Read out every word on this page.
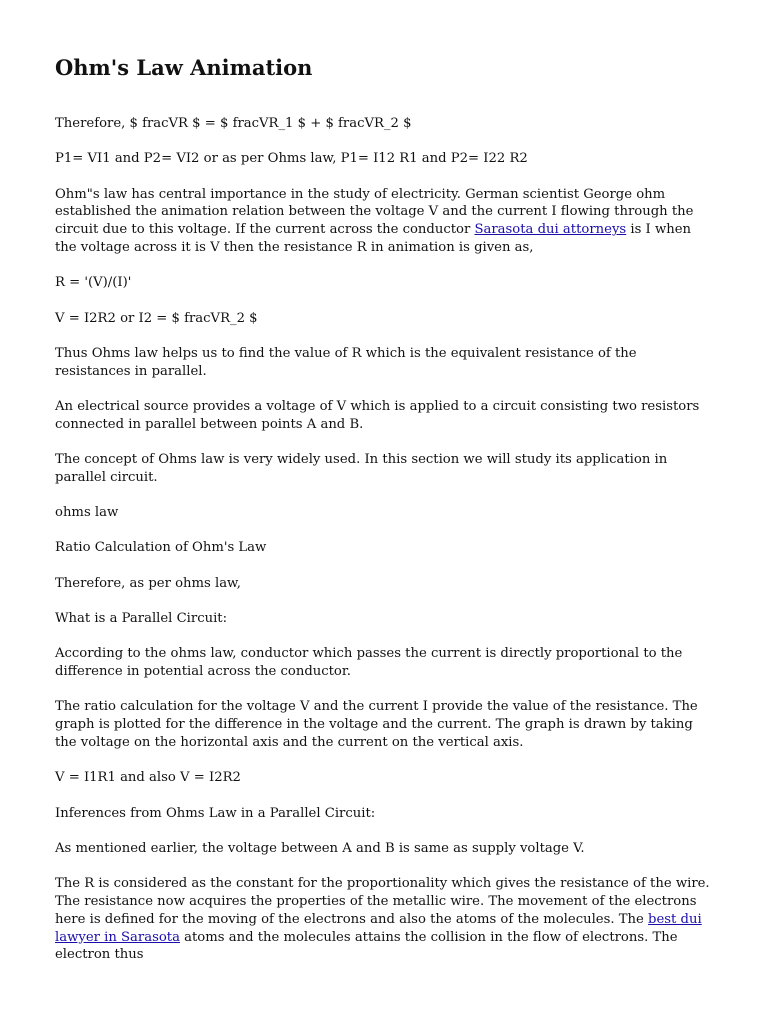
Ohm's Law Animation

Therefore, $ fracVR $ = $ fracVR_1 $ + $ fracVR_2 $

P1= VI1 and P2= VI2 or as per Ohms law, P1= I12 R1 and P2= I22 R2

Ohm"s law has central importance in the study of electricity. German scientist George ohm established the animation relation between the voltage V and the current I flowing through the circuit due to this voltage. If the current across the conductor Sarasota dui attorneys is I when the voltage across it is V then the resistance R in animation is given as,

R = '(V)/(I)'

V = I2R2 or I2 = $ fracVR_2 $

Thus Ohms law helps us to find the value of R which is the equivalent resistance of the resistances in parallel.

An electrical source provides a voltage of V which is applied to a circuit consisting two resistors connected in parallel between points A and B.

The concept of Ohms law is very widely used. In this section we will study its application in parallel circuit.

ohms law

Ratio Calculation of Ohm's Law

Therefore, as per ohms law,

What is a Parallel Circuit:

According to the ohms law, conductor which passes the current is directly proportional to the difference in potential across the conductor.

The ratio calculation for the voltage V and the current I provide the value of the resistance. The graph is plotted for the difference in the voltage and the current. The graph is drawn by taking the voltage on the horizontal axis and the current on the vertical axis.

V = I1R1 and also V = I2R2

Inferences from Ohms Law in a Parallel Circuit:

As mentioned earlier, the voltage between A and B is same as supply voltage V.

The R is considered as the constant for the proportionality which gives the resistance of the wire. The resistance now acquires the properties of the metallic wire. The movement of the electrons here is defined for the moving of the electrons and also the atoms of the molecules. The best dui lawyer in Sarasota atoms and the molecules attains the collision in the flow of electrons. The electron thus
